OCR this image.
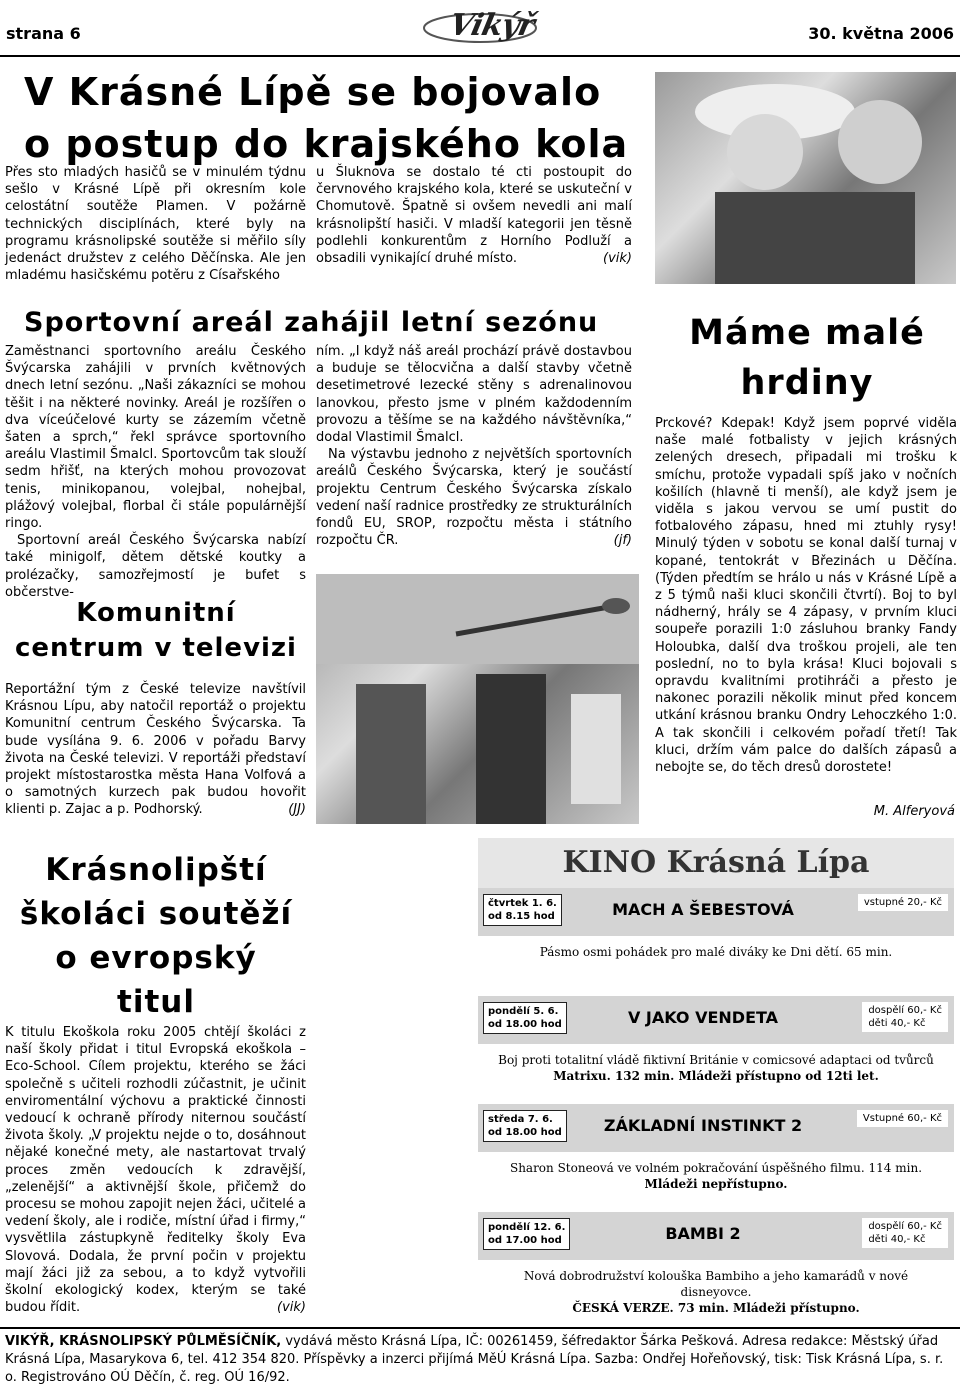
strana 6	Vikýř	30. května 2006
V Krásné Lípě se bojovalo
o postup do krajského kola
Přes sto mladých hasičů se v minulém týdnu sešlo v Krásné Lípě při okresním kole celostátní soutěže Plamen. V požárně technických disciplínách, které byly na programu krásnolipské soutěže si měřilo síly jedenáct družstev z celého Děčínska. Ale jen mladému hasičskému potěru z Císařského
u Šluknova se dostalo té cti postoupit do červnového krajského kola, které se uskuteční v Chomutově. Špatně si ovšem nevedli ani malí krásnolipští hasiči. V mladší kategorii jen těsně podlehli konkurentům z Horního Podluží a obsadili vynikající druhé místo.	(vik)
Sportovní areál zahájil letní sezónu
Zaměstnanci sportovního areálu Českého Švýcarska zahájili v prvních květnových dnech letní sezónu. „Naši zákazníci se mohou těšit i na některé novinky. Areál je rozšířen o dva víceúčelové kurty se zázemím včetně šaten a sprch,“ řekl správce sportovního areálu Vlastimil Šmalcl. Sportovcům tak slouží sedm hřišť, na kterých mohou provozovat tenis, minikopanou, volejbal, nohejbal, plážový volejbal, florbal či stále populárnější ringo.
Sportovní areál Českého Švýcarska nabízí také minigolf, dětem dětské koutky a prolézačky, samozřejmostí je bufet s občerstve-
ním. „I když náš areál prochází právě dostavbou a buduje se tělocvična a další stavby včetně desetimetrové lezecké stěny s adrenalinovou lanovkou, přesto jsme v plném každodenním provozu a těšíme se na každého návštěvníka,“ dodal Vlastimil Šmalcl.
Na výstavbu jednoho z největších sportovních areálů Českého Švýcarska, který je součástí projektu Centrum Českého Švýcarska získalo vedení naší radnice prostředky ze strukturálních fondů EU, SROP, rozpočtu města i státního rozpočtu ČR.	(jf)
Komunitní
centrum v televizi
Reportážní tým z České televize navštívil Krásnou Lípu, aby natočil reportáž o projektu Komunitní centrum Českého Švýcarska. Ta bude vysílána 9. 6. 2006 v pořadu Barvy života na České televizi. V reportáži představí projekt místostarostka města Hana Volfová a o samotných kurzech pak budou hovořit klienti p. Zajac a p. Podhorský.	(JJ)
Máme malé
hrdiny
Prckové? Kdepak! Když jsem poprvé viděla naše malé fotbalisty v jejich krásných zelených dresech, připadali mi trošku k smíchu, protože vypadali spíš jako v nočních košilích (hlavně ti menší), ale když jsem je viděla s jakou vervou se umí pustit do fotbalového zápasu, hned mi ztuhly rysy! Minulý týden v sobotu se konal další turnaj v kopané, tentokrát v Březinách u Děčína. (Týden předtím se hrálo u nás v Krásné Lípě a z 5 týmů naši kluci skončili čtvrtí). Boj to byl nádherný, hrály se 4 zápasy, v prvním kluci soupeře porazili 1:0 zásluhou branky Fandy Holoubka, další dva troškou projeli, ale ten poslední, no to byla krása! Kluci bojovali s opravdu kvalitními protihráči a přesto je nakonec porazili několik minut před koncem utkání krásnou branku Ondry Lehoczkého 1:0. A tak skončili i celkovém pořadí třetí! Tak kluci, držím vám palce do dalších zápasů a nebojte se, do těch dresů dorostete!
M. Alferyová
Krásnolipští
školáci soutěží
o evropský
titul
K titulu Ekoškola roku 2005 chtějí školáci z naší školy přidat i titul Evropská ekoškola – Eco-School. Cílem projektu, kterého se žáci společně s učiteli rozhodli zúčastnit, je učinit enviromentální výchovu a praktické činnosti vedoucí k ochraně přírody niternou součástí života školy. „V projektu nejde o to, dosáhnout nějaké konečné mety, ale nastartovat trvalý proces změn vedoucích k zdravější, „zelenější“ a aktivnější škole, přičemž do procesu se mohou zapojit nejen žáci, učitelé a vedení školy, ale i rodiče, místní úřad i firmy,“ vysvětlila zástupkyně ředitelky školy Eva Slovová. Dodala, že první počin v projektu mají žáci již za sebou, a to když vytvořili školní ekologický kodex, kterým se také budou řídit.	(vik)
KINO Krásná Lípa
čtvrtek 1. 6.
od 8.15 hod	MACH A ŠEBESTOVÁ	vstupné 20,- Kč
Pásmo osmi pohádek pro malé diváky ke Dni dětí. 65 min.
pondělí 5. 6.
od 18.00 hod	V JAKO VENDETA	dospělí 60,- Kč
děti 40,- Kč
Boj proti totalitní vládě fiktivní Británie v comicsové adaptaci od tvůrců
Matrixu. 132 min. Mládeži přístupno od 12ti let.
středa 7. 6.
od 18.00 hod	ZÁKLADNÍ INSTINKT 2	Vstupné 60,- Kč
Sharon Stoneová ve volném pokračování úspěšného filmu. 114 min.
Mládeži nepřístupno.
pondělí 12. 6.
od 17.00 hod	BAMBI 2	dospělí 60,- Kč
děti 40,- Kč
Nová dobrodružství kolouška Bambiho a jeho kamarádů v nové disneyovce.
ČESKÁ VERZE. 73 min. Mládeži přístupno.

VIKÝŘ, KRÁSNOLIPSKÝ PŮLMĚSÍČNÍK, vydává město Krásná Lípa, IČ: 00261459, šéfredaktor Šárka Pešková. Adresa redakce: Městský úřad Krásná Lípa, Masarykova 6, tel. 412 354 820. Příspěvky a inzerci přijímá MěÚ Krásná Lípa. Sazba: Ondřej Hořeňovský, tisk: Tisk Krásná Lípa, s. r. o. Registrováno OÚ Děčín, č. reg. OÚ 16/92.
